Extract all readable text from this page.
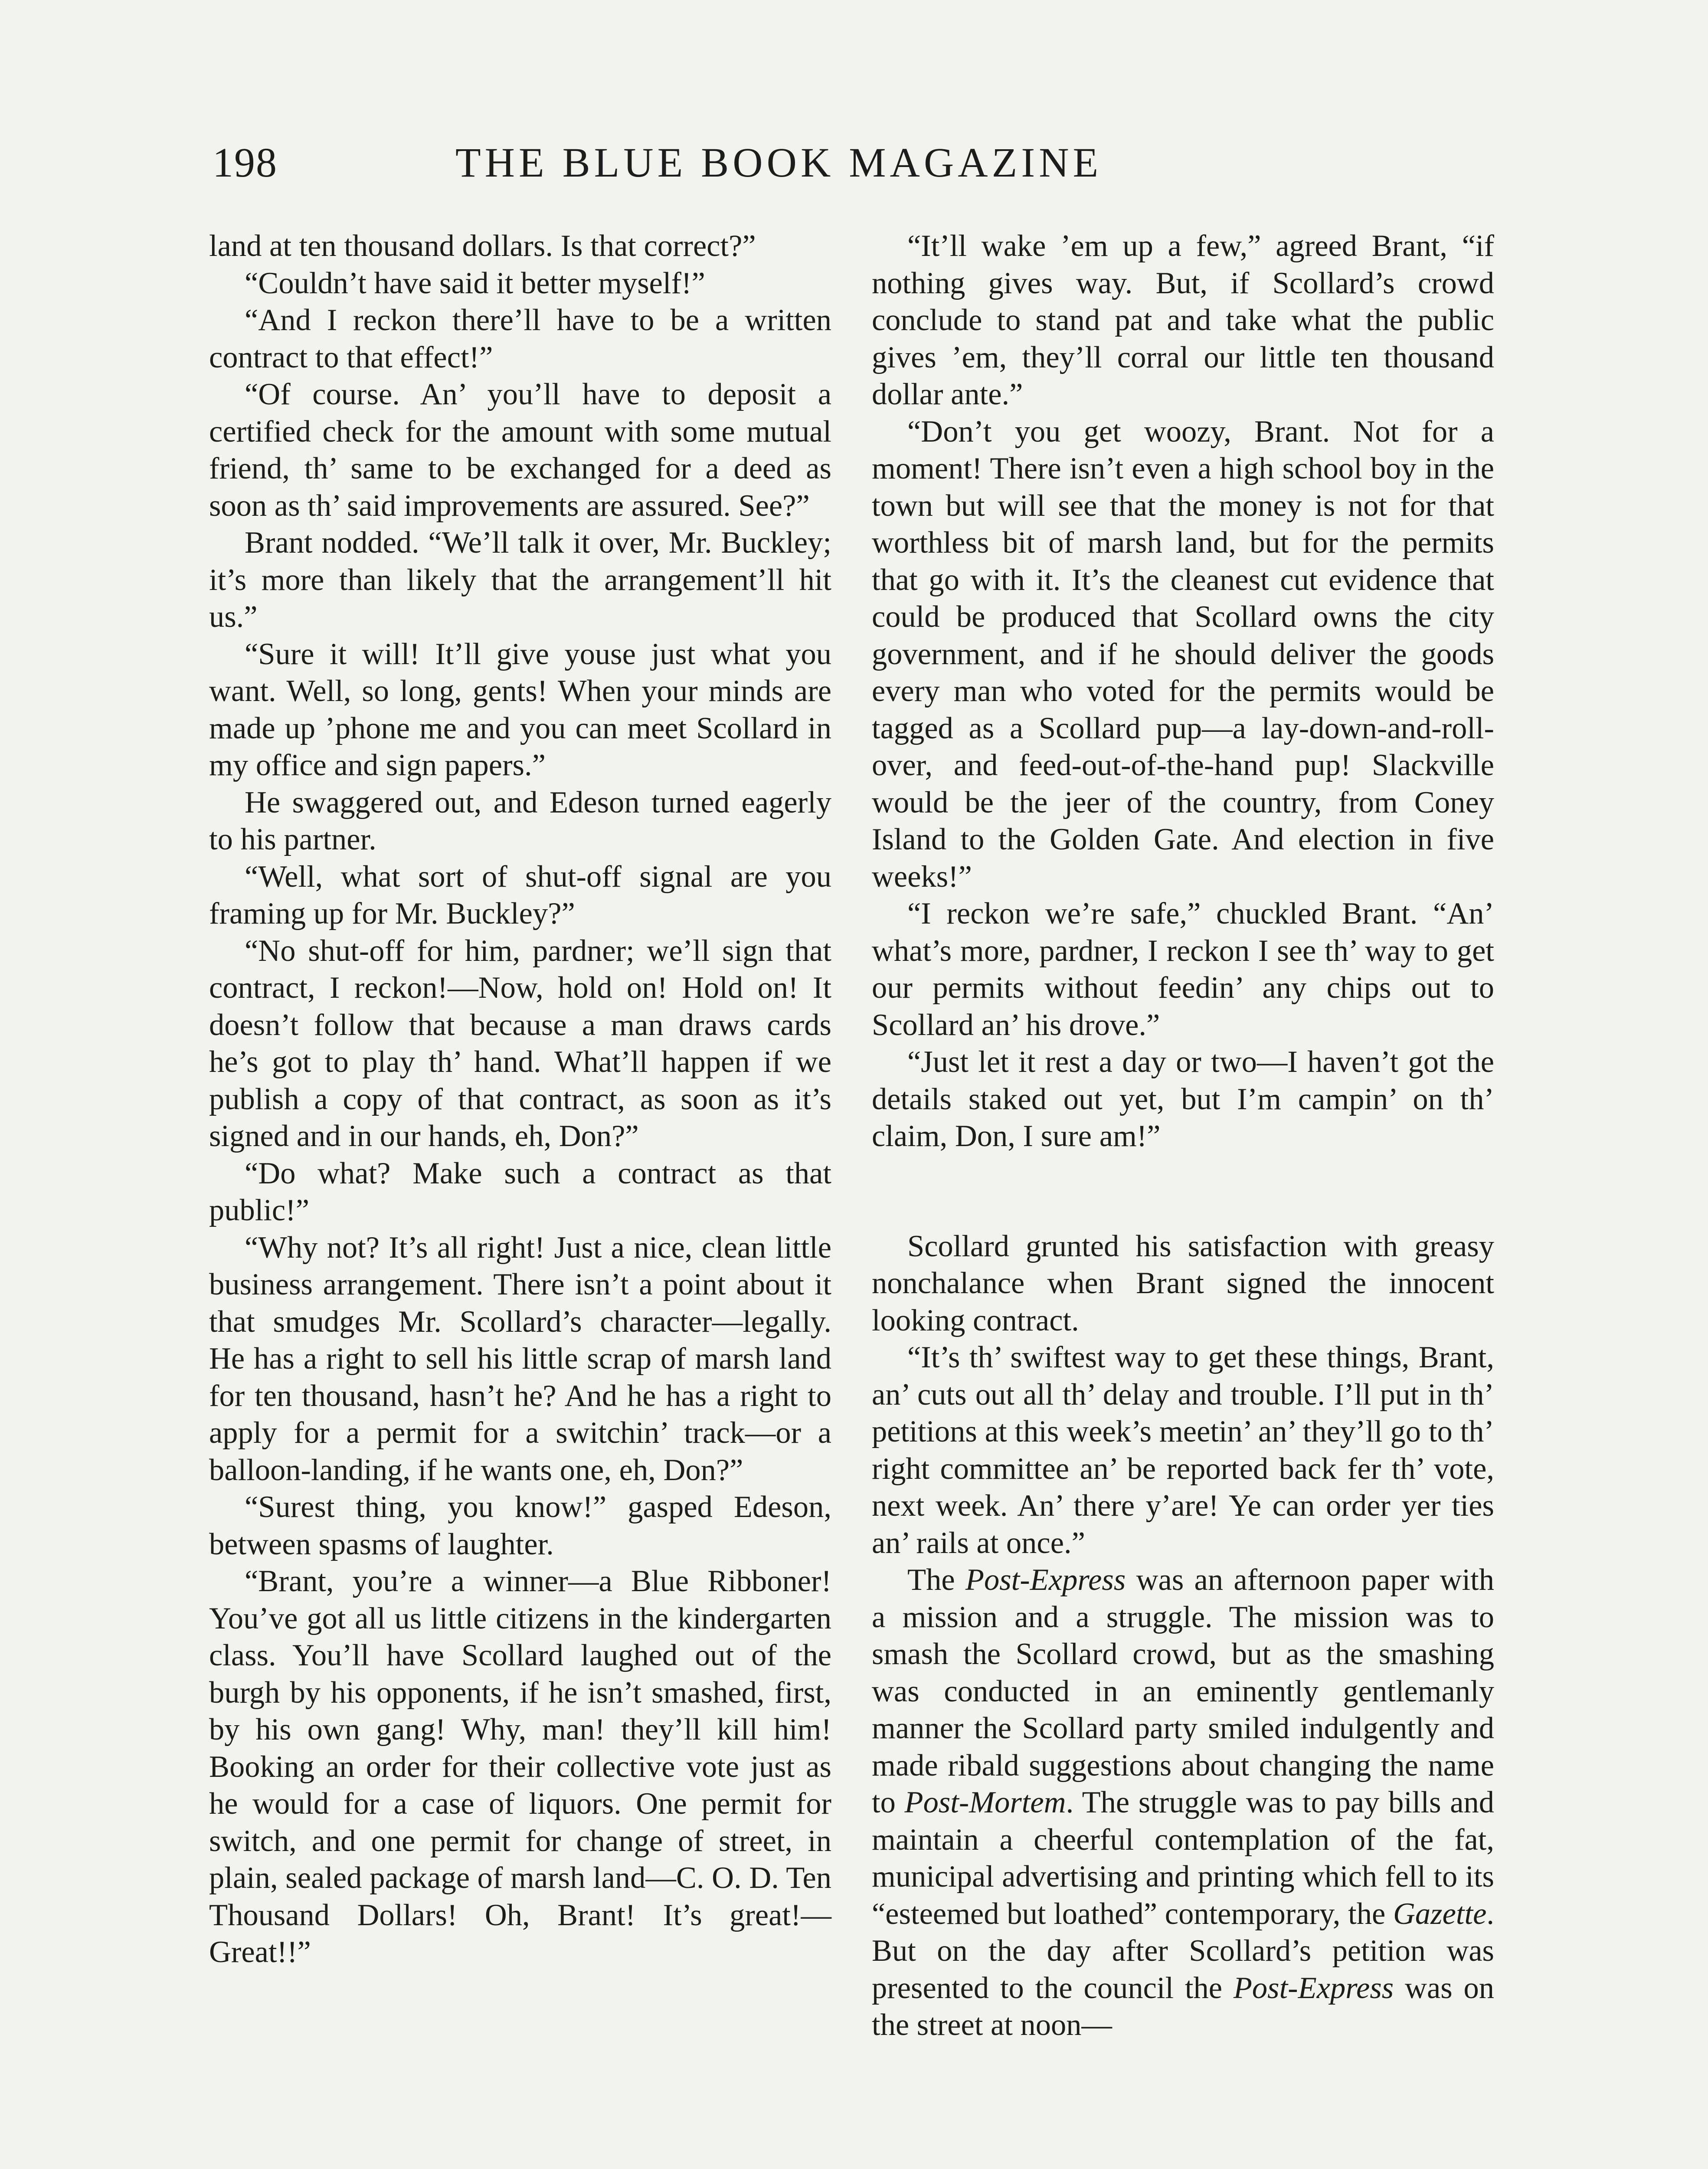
198	THE BLUE BOOK MAGAZINE

land at ten thousand dollars. Is that correct?”

“Couldn’t have said it better myself!”

“And I reckon there’ll have to be a written contract to that effect!”

“Of course. An’ you’ll have to deposit a certified check for the amount with some mutual friend, th’ same to be exchanged for a deed as soon as th’ said improvements are assured. See?”

Brant nodded. “We’ll talk it over, Mr. Buckley; it’s more than likely that the arrangement’ll hit us.”

“Sure it will! It’ll give youse just what you want. Well, so long, gents! When your minds are made up ’phone me and you can meet Scollard in my office and sign papers.”

He swaggered out, and Edeson turned eagerly to his partner.

“Well, what sort of shut-off signal are you framing up for Mr. Buckley?”

“No shut-off for him, pardner; we’ll sign that contract, I reckon!—Now, hold on! Hold on! It doesn’t follow that because a man draws cards he’s got to play th’ hand. What’ll happen if we publish a copy of that contract, as soon as it’s signed and in our hands, eh, Don?”

“Do what? Make such a contract as that public!”

“Why not? It’s all right! Just a nice, clean little business arrangement. There isn’t a point about it that smudges Mr. Scollard’s character—legally. He has a right to sell his little scrap of marsh land for ten thousand, hasn’t he? And he has a right to apply for a permit for a switchin’ track—or a balloon-landing, if he wants one, eh, Don?”

“Surest thing, you know!” gasped Edeson, between spasms of laughter.

“Brant, you’re a winner—a Blue Ribboner! You’ve got all us little citizens in the kindergarten class. You’ll have Scollard laughed out of the burgh by his opponents, if he isn’t smashed, first, by his own gang! Why, man! they’ll kill him! Booking an order for their collective vote just as he would for a case of liquors. One permit for switch, and one permit for change of street, in plain, sealed package of marsh land—C. O. D. Ten Thousand Dollars! Oh, Brant! It’s great!—Great!!”

“It’ll wake ’em up a few,” agreed Brant, “if nothing gives way. But, if Scollard’s crowd conclude to stand pat and take what the public gives ’em, they’ll corral our little ten thousand dollar ante.”

“Don’t you get woozy, Brant. Not for a moment! There isn’t even a high school boy in the town but will see that the money is not for that worthless bit of marsh land, but for the permits that go with it. It’s the cleanest cut evidence that could be produced that Scollard owns the city government, and if he should deliver the goods every man who voted for the permits would be tagged as a Scollard pup—a lay-down-and-roll-over, and feed-out-of-the-hand pup! Slackville would be the jeer of the country, from Coney Island to the Golden Gate. And election in five weeks!”

“I reckon we’re safe,” chuckled Brant. “An’ what’s more, pardner, I reckon I see th’ way to get our permits without feedin’ any chips out to Scollard an’ his drove.”

“Just let it rest a day or two—I haven’t got the details staked out yet, but I’m campin’ on th’ claim, Don, I sure am!”

Scollard grunted his satisfaction with greasy nonchalance when Brant signed the innocent looking contract.

“It’s th’ swiftest way to get these things, Brant, an’ cuts out all th’ delay and trouble. I’ll put in th’ petitions at this week’s meetin’ an’ they’ll go to th’ right committee an’ be reported back fer th’ vote, next week. An’ there y’are! Ye can order yer ties an’ rails at once.”

The Post-Express was an afternoon paper with a mission and a struggle. The mission was to smash the Scollard crowd, but as the smashing was conducted in an eminently gentlemanly manner the Scollard party smiled indulgently and made ribald suggestions about changing the name to Post-Mortem. The struggle was to pay bills and maintain a cheerful contemplation of the fat, municipal advertising and printing which fell to its “esteemed but loathed” contemporary, the Gazette. But on the day after Scollard’s petition was presented to the council the Post-Express was on the street at noon—
